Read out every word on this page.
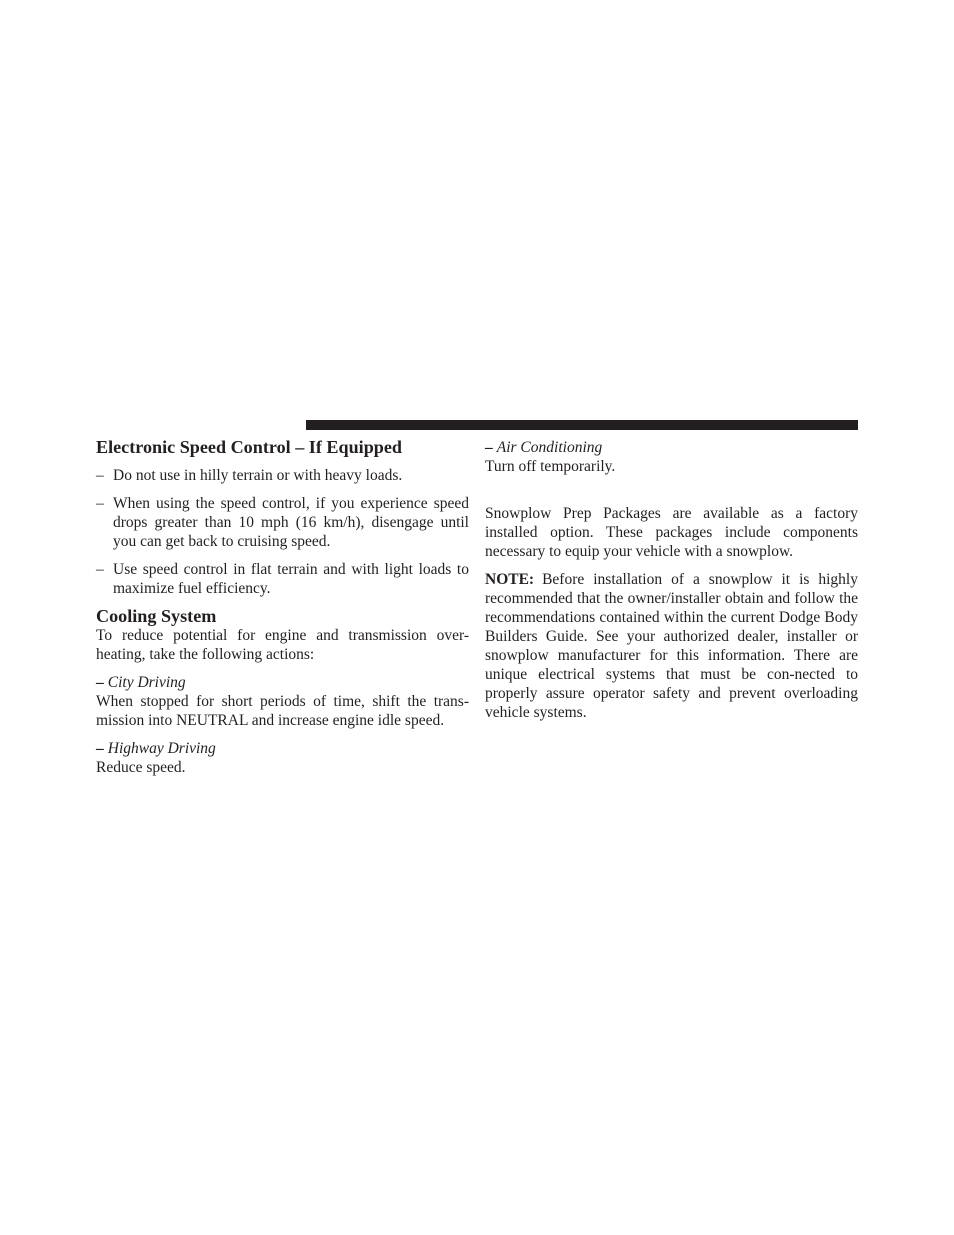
Electronic Speed Control – If Equipped

– Do not use in hilly terrain or with heavy loads.

– When using the speed control, if you experience speed drops greater than 10 mph (16 km/h), disengage until you can get back to cruising speed.

– Use speed control in flat terrain and with light loads to maximize fuel efficiency.

Cooling System

To reduce potential for engine and transmission over-heating, take the following actions:

– City Driving

When stopped for short periods of time, shift the trans-mission into NEUTRAL and increase engine idle speed.

– Highway Driving

Reduce speed.

– Air Conditioning

Turn off temporarily.

Snowplow Prep Packages are available as a factory installed option. These packages include components necessary to equip your vehicle with a snowplow.

NOTE: Before installation of a snowplow it is highly recommended that the owner/installer obtain and follow the recommendations contained within the current Dodge Body Builders Guide. See your authorized dealer, installer or snowplow manufacturer for this information. There are unique electrical systems that must be con-nected to properly assure operator safety and prevent overloading vehicle systems.
